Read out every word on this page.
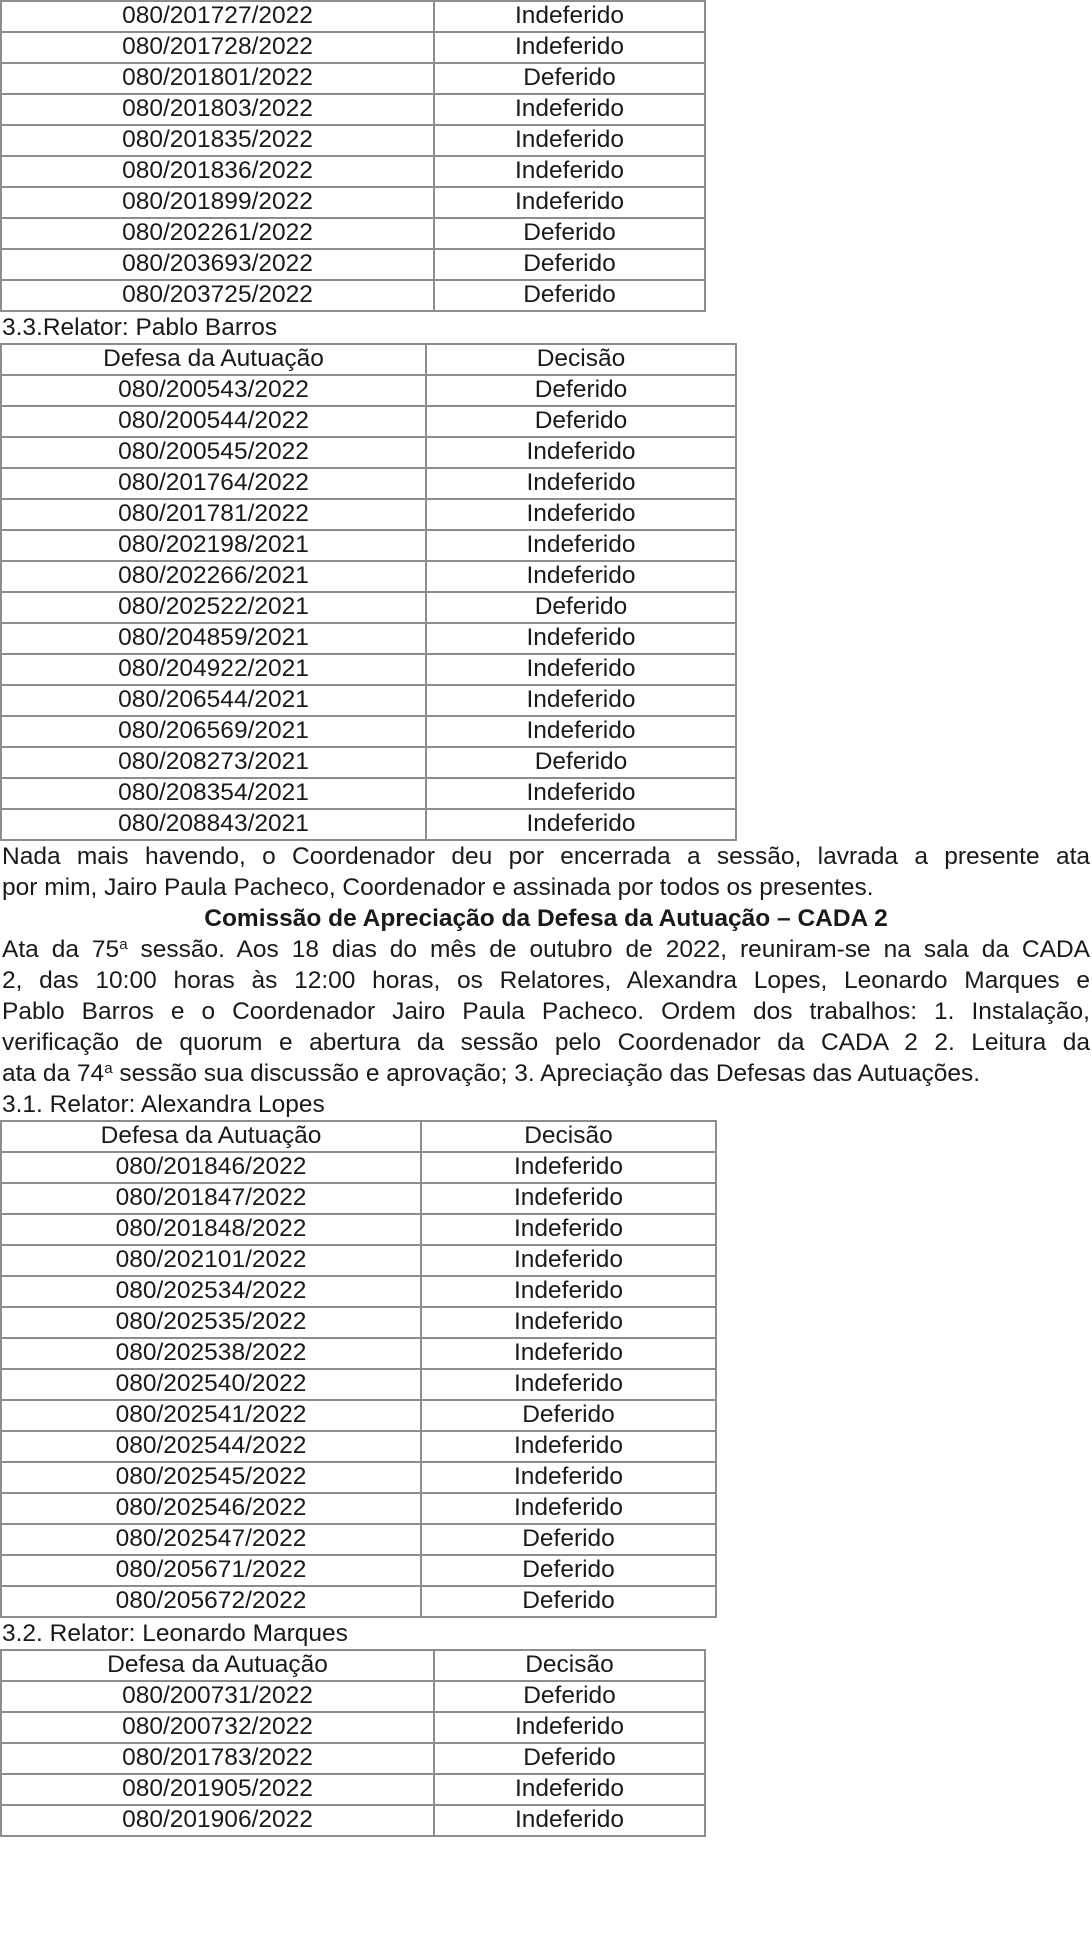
080/201727/2022	Indeferido
080/201728/2022	Indeferido
080/201801/2022	Deferido
080/201803/2022	Indeferido
080/201835/2022	Indeferido
080/201836/2022	Indeferido
080/201899/2022	Indeferido
080/202261/2022	Deferido
080/203693/2022	Deferido
080/203725/2022	Deferido
3.3.Relator: Pablo Barros
Defesa da Autuação	Decisão
080/200543/2022	Deferido
080/200544/2022	Deferido
080/200545/2022	Indeferido
080/201764/2022	Indeferido
080/201781/2022	Indeferido
080/202198/2021	Indeferido
080/202266/2021	Indeferido
080/202522/2021	Deferido
080/204859/2021	Indeferido
080/204922/2021	Indeferido
080/206544/2021	Indeferido
080/206569/2021	Indeferido
080/208273/2021	Deferido
080/208354/2021	Indeferido
080/208843/2021	Indeferido
Nada mais havendo, o Coordenador deu por encerrada a sessão, lavrada a presente ata
por mim, Jairo Paula Pacheco, Coordenador e assinada por todos os presentes.
Comissão de Apreciação da Defesa da Autuação – CADA 2
Ata da 75$^a$ sessão. Aos 18 dias do mês de outubro de 2022, reuniram-se na sala da CADA
2, das 10:00 horas às 12:00 horas, os Relatores, Alexandra Lopes, Leonardo Marques e
Pablo Barros e o Coordenador Jairo Paula Pacheco. Ordem dos trabalhos: 1. Instalação,
verificação de quorum e abertura da sessão pelo Coordenador da CADA 2 2. Leitura da
ata da 74$^a$ sessão sua discussão e aprovação; 3. Apreciação das Defesas das Autuações.
3.1. Relator: Alexandra Lopes
Defesa da Autuação	Decisão
080/201846/2022	Indeferido
080/201847/2022	Indeferido
080/201848/2022	Indeferido
080/202101/2022	Indeferido
080/202534/2022	Indeferido
080/202535/2022	Indeferido
080/202538/2022	Indeferido
080/202540/2022	Indeferido
080/202541/2022	Deferido
080/202544/2022	Indeferido
080/202545/2022	Indeferido
080/202546/2022	Indeferido
080/202547/2022	Deferido
080/205671/2022	Deferido
080/205672/2022	Deferido
3.2. Relator: Leonardo Marques
Defesa da Autuação	Decisão
080/200731/2022	Deferido
080/200732/2022	Indeferido
080/201783/2022	Deferido
080/201905/2022	Indeferido
080/201906/2022	Indeferido
